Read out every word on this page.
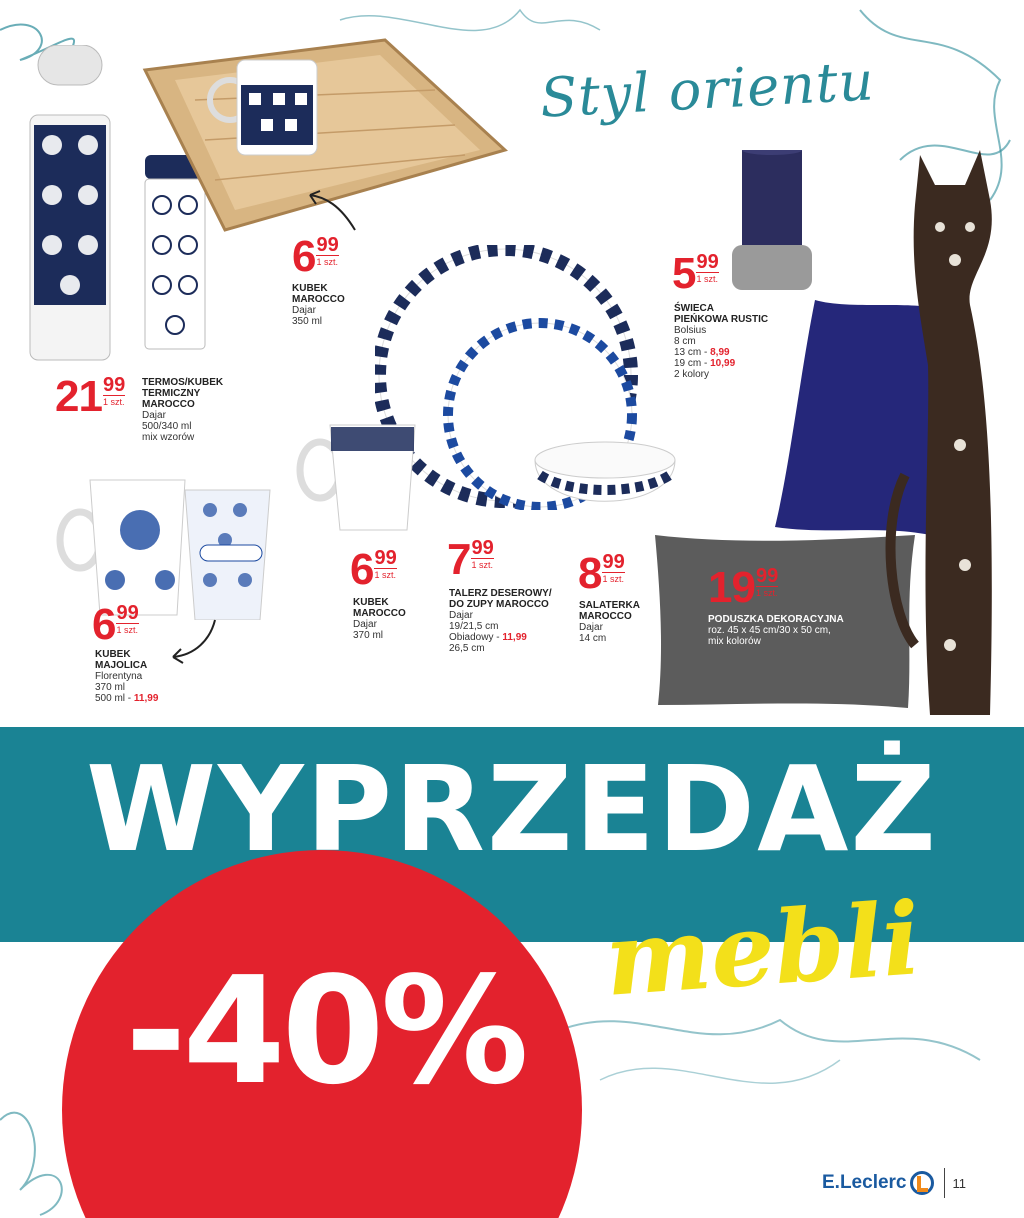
Styl orientu
$21 \frac{99}{\text{1 szt.}}$ TERMOS/KUBEK
TERMICZNY
MAROCCO
Dajar
500/340 ml
mix wzorów
$6 \frac{99}{\text{1 szt.}}$
KUBEK
MAROCCO
Dajar
350 ml
$5 \frac{99}{\text{1 szt.}}$
ŚWIECA
PIEŃKOWA RUSTIC
Bolsius
8 cm
13 cm - 8,99
19 cm - 10,99
2 kolory
$6 \frac{99}{\text{1 szt.}}$
KUBEK
MAJOLICA
Florentyna
370 ml
500 ml - 11,99
$6 \frac{99}{\text{1 szt.}}$
KUBEK
MAROCCO
Dajar
370 ml
$7 \frac{99}{\text{1 szt.}}$
TALERZ DESEROWY/
DO ZUPY MAROCCO
Dajar
19/21,5 cm
Obiadowy - 11,99
26,5 cm
$8 \frac{99}{\text{1 szt.}}$
SALATERKA
MAROCCO
Dajar
14 cm
$19 \frac{99}{\text{1 szt.}}$
PODUSZKA DEKORACYJNA
roz. 45 x 45 cm/30 x 50 cm,
mix kolorów
WYPRZEDAŻ
mebli
-40%
E.Leclerc	11
